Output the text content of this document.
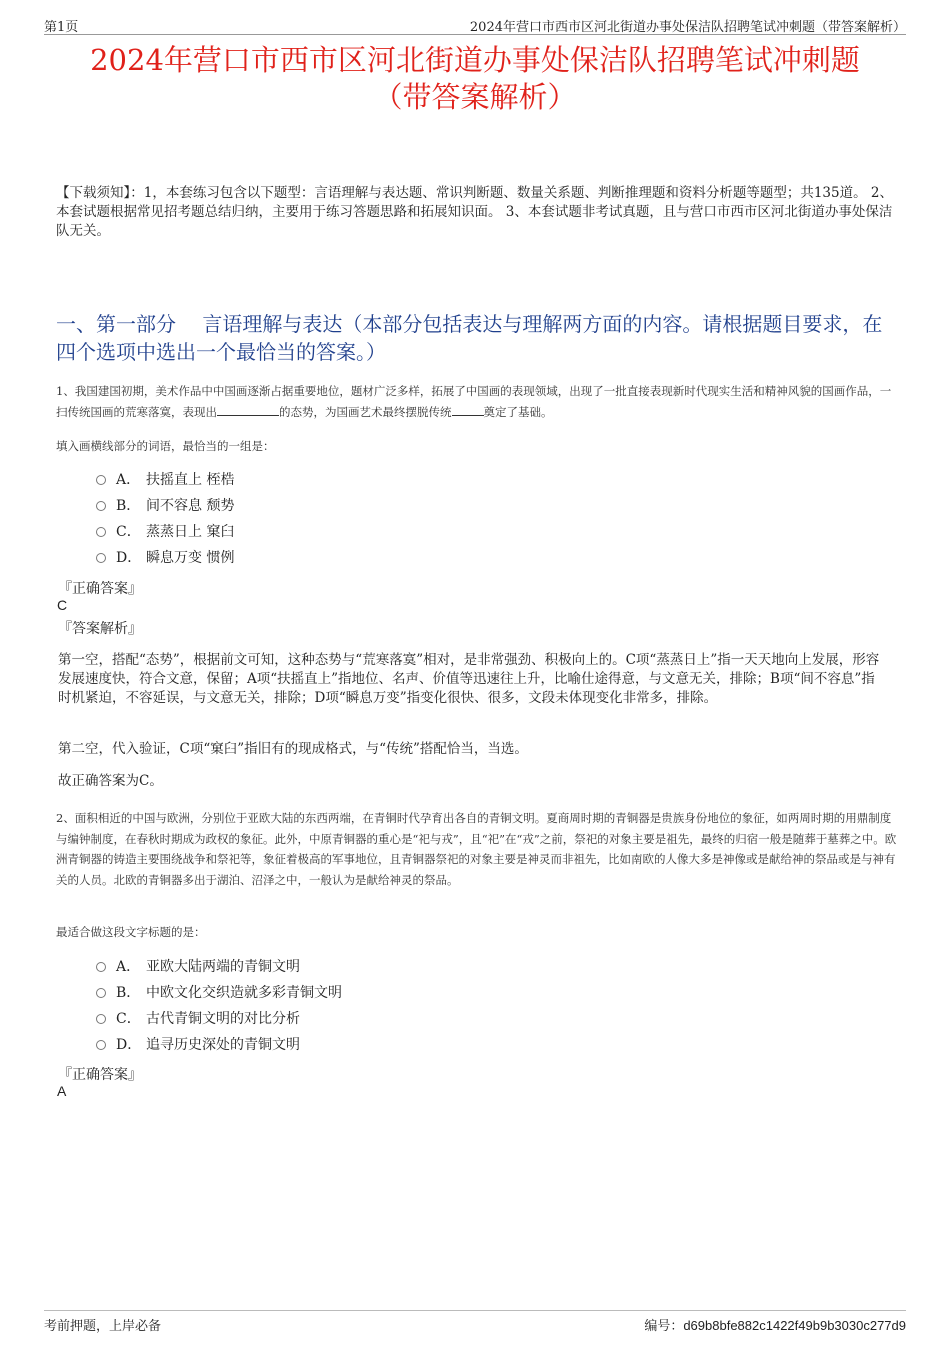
第1页	2024年营口市西市区河北街道办事处保洁队招聘笔试冲刺题（带答案解析）
2024年营口市西市区河北街道办事处保洁队招聘笔试冲刺题
（带答案解析）
【下载须知】：1，本套练习包含以下题型：言语理解与表达题、常识判断题、数量关系题、判断推理题和资料分析题等题型；共135道。 2、本套试题根据常见招考题总结归纳，主要用于练习答题思路和拓展知识面。 3、本套试题非考试真题，且与营口市西市区河北街道办事处保洁队无关。
一、第一部分　 言语理解与表达（本部分包括表达与理解两方面的内容。请根据题目要求，在四个选项中选出一个最恰当的答案。）
1、我国建国初期，美术作品中中国画逐渐占据重要地位，题材广泛多样，拓展了中国画的表现领域，出现了一批直接表现新时代现实生活和精神风貌的国画作品，一扫传统国画的荒寒落寞，表现出	的态势，为国画艺术最终摆脱传统	奠定了基础。
填入画横线部分的词语，最恰当的一组是：
A． 扶摇直上 桎梏
B． 间不容息 颓势
C． 蒸蒸日上 窠臼
D． 瞬息万变 惯例
『正确答案』
C
『答案解析』
第一空，搭配“态势”，根据前文可知，这种态势与“荒寒落寞”相对，是非常强劲、积极向上的。C项“蒸蒸日上”指一天天地向上发展，形容发展速度快，符合文意，保留；A项“扶摇直上”指地位、名声、价值等迅速往上升，比喻仕途得意，与文意无关，排除；B项“间不容息”指时机紧迫，不容延误，与文意无关，排除；D项“瞬息万变”指变化很快、很多，文段未体现变化非常多，排除。
第二空，代入验证，C项“窠臼”指旧有的现成格式，与“传统”搭配恰当，当选。
故正确答案为C。
2、面积相近的中国与欧洲，分别位于亚欧大陆的东西两端，在青铜时代孕育出各自的青铜文明。夏商周时期的青铜器是贵族身份地位的象征，如两周时期的用鼎制度与编钟制度，在春秋时期成为政权的象征。此外，中原青铜器的重心是“祀与戎”，且“祀”在“戎”之前，祭祀的对象主要是祖先，最终的归宿一般是随葬于墓葬之中。欧洲青铜器的铸造主要围绕战争和祭祀等，象征着极高的军事地位，且青铜器祭祀的对象主要是神灵而非祖先，比如南欧的人像大多是神像或是献给神的祭品或是与神有关的人员。北欧的青铜器多出于湖泊、沼泽之中，一般认为是献给神灵的祭品。
最适合做这段文字标题的是：
A． 亚欧大陆两端的青铜文明
B． 中欧文化交织造就多彩青铜文明
C． 古代青铜文明的对比分析
D． 追寻历史深处的青铜文明
『正确答案』
A
考前押题，上岸必备	编号：d69b8bfe882c1422f49b9b3030c277d9
